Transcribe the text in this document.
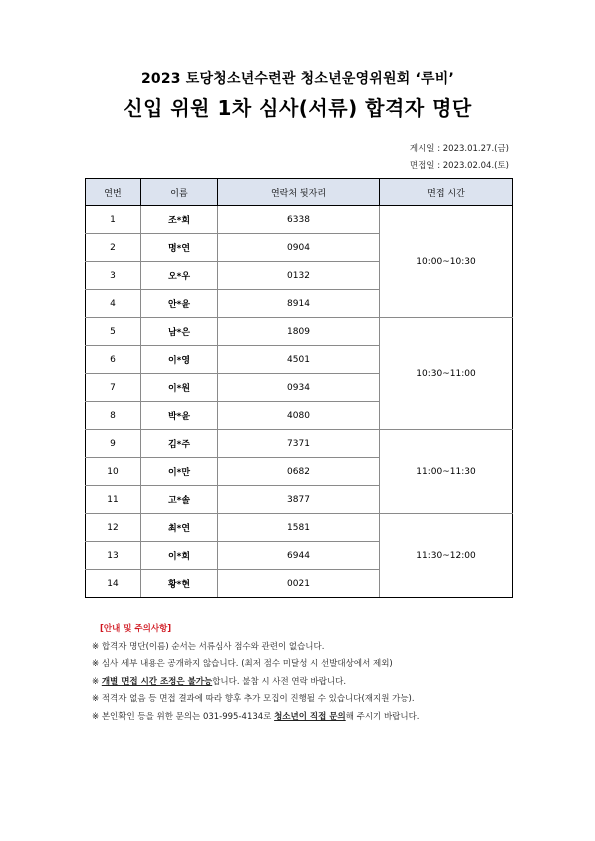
2023 토당청소년수련관 청소년운영위원회 ‘루비’
신입 위원 1차 심사(서류) 합격자 명단
게시일 : 2023.01.27.(금)
면접일 : 2023.02.04.(토)
연번	이름	연락처 뒷자리	면접 시간
1	조*희	6338	10:00~10:30
2	명*연	0904	
3	오*우	0132	
4	안*윤	8914	
5	남*은	1809	10:30~11:00
6	이*영	4501	
7	이*원	0934	
8	박*윤	4080	
9	김*주	7371	11:00~11:30
10	이*만	0682	
11	고*솔	3877	
12	최*연	1581	11:30~12:00
13	이*희	6944	
14	황*현	0021	
[안내 및 주의사항]
※ 합격자 명단(이름) 순서는 서류심사 점수와 관련이 없습니다.
※ 심사 세부 내용은 공개하지 않습니다. (최저 점수 미달성 시 선발대상에서 제외)
※ 개별 면접 시간 조정은 불가능합니다. 불참 시 사전 연락 바랍니다.
※ 적격자 없음 등 면접 결과에 따라 향후 추가 모집이 진행될 수 있습니다(재지원 가능).
※ 본인확인 등을 위한 문의는 031-995-4134로 청소년이 직접 문의해 주시기 바랍니다.
